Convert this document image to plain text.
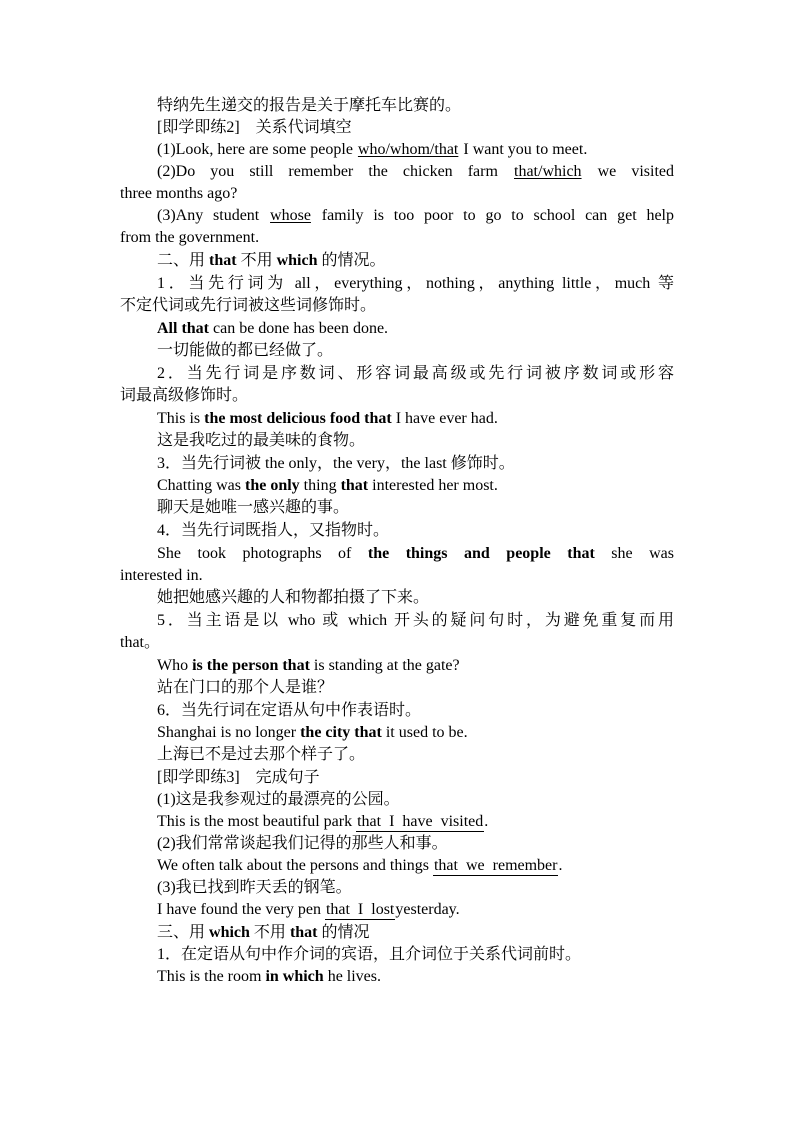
特纳先生递交的报告是关于摩托车比赛的。
[即学即练2]　关系代词填空
(1)Look, here are some people who/whom/that I want you to meet.
(2)Do you still remember the chicken farm that/which we visited
three months ago?
(3)Any student whose family is too poor to go to school can get help
from the government.
二、用 that 不用 which 的情况。
1．当先行词为 all，everything，nothing，anything little，much 等
不定代词或先行词被这些词修饰时。
All that can be done has been done.
一切能做的都已经做了。
2．当先行词是序数词、形容词最高级或先行词被序数词或形容
词最高级修饰时。
This is the most delicious food that I have ever had.
这是我吃过的最美味的食物。
3．当先行词被 the only，the very，the last 修饰时。
Chatting was the only thing that interested her most.
聊天是她唯一感兴趣的事。
4．当先行词既指人，又指物时。
She took photographs of the things and people that she was
interested in.
她把她感兴趣的人和物都拍摄了下来。
5．当主语是以 who 或 which 开头的疑问句时，为避免重复而用
that。
Who is the person that is standing at the gate?
站在门口的那个人是谁？
6．当先行词在定语从句中作表语时。
Shanghai is no longer the city that it used to be.
上海已不是过去那个样子了。
[即学即练3]　完成句子
(1)这是我参观过的最漂亮的公园。
This is the most beautiful park that I have visited.
(2)我们常常谈起我们记得的那些人和事。
We often talk about the persons and things that we remember.
(3)我已找到昨天丢的钢笔。
I have found the very pen that I lostyesterday.
三、用 which 不用 that 的情况
1．在定语从句中作介词的宾语，且介词位于关系代词前时。
This is the room in which he lives.
